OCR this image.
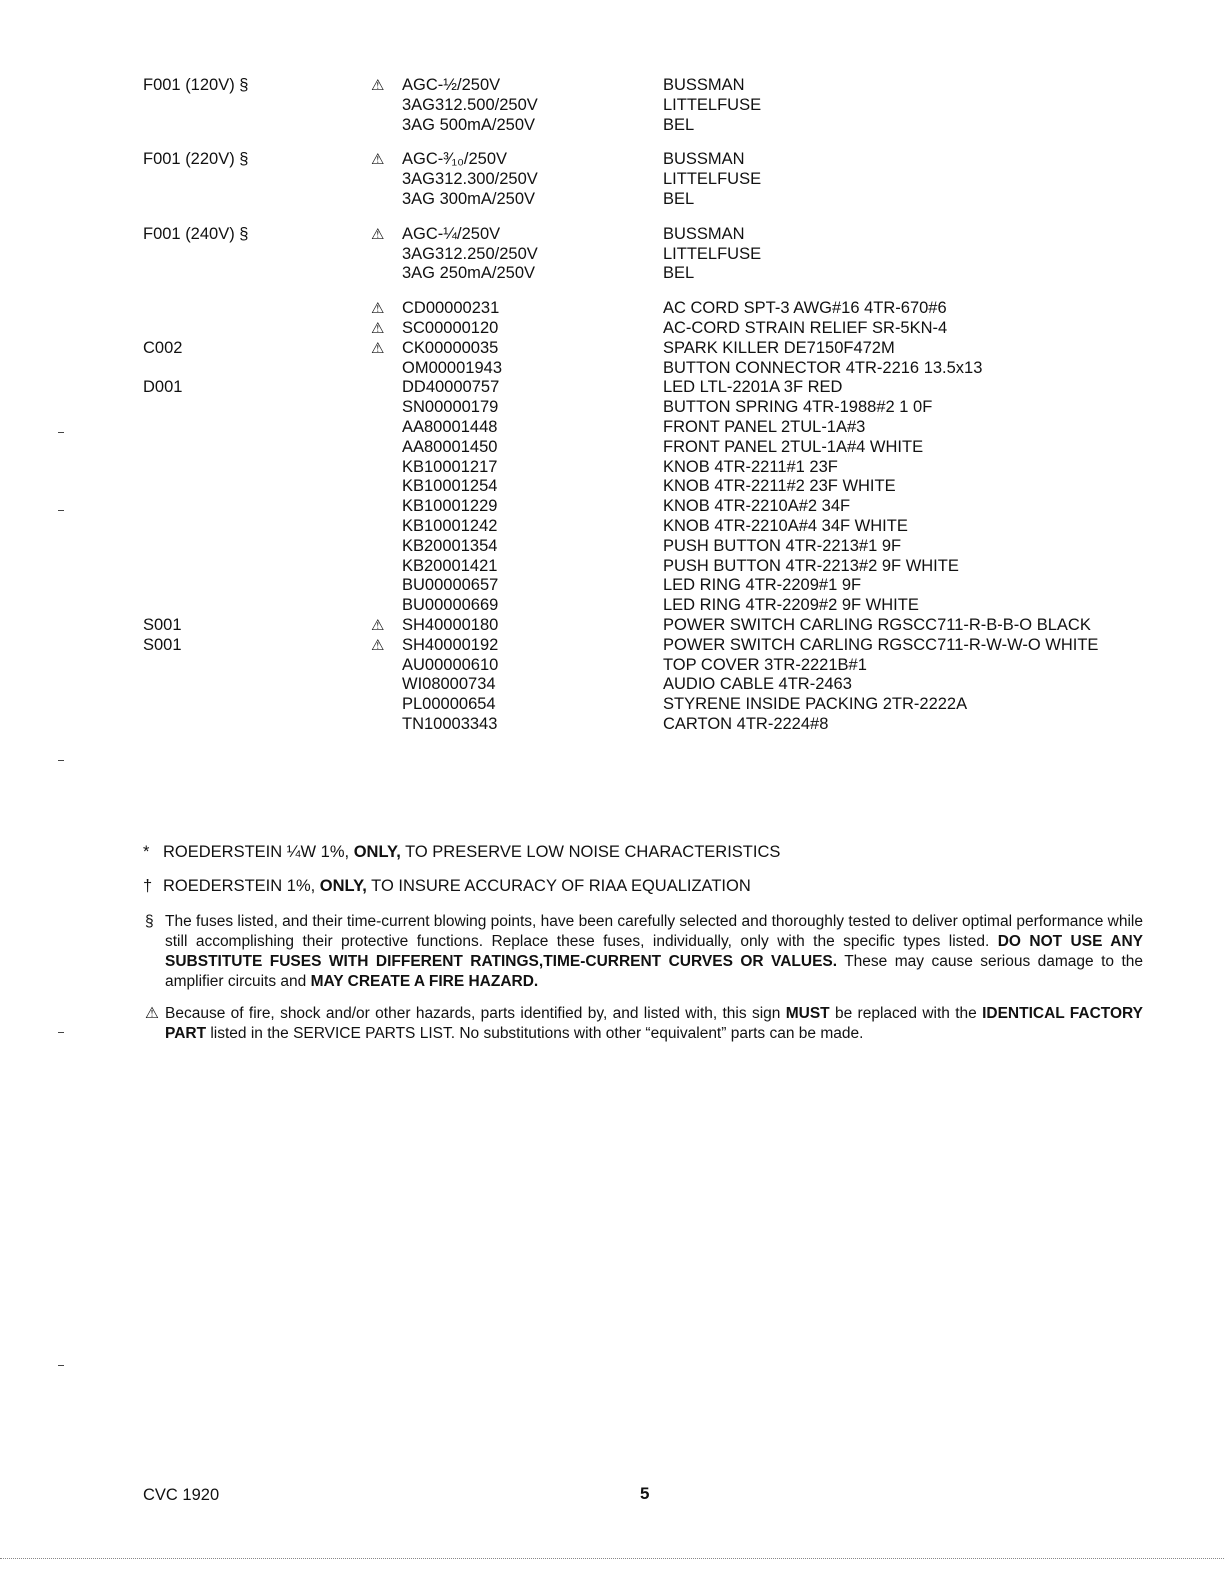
F001 (120V) §	⚠ AGC-½/250V	BUSSMAN
3AG312.500/250V	LITTELFUSE
3AG 500mA/250V	BEL
F001 (220V) §	⚠ AGC-³⁄₁₀/250V	BUSSMAN
3AG312.300/250V	LITTELFUSE
3AG 300mA/250V	BEL
F001 (240V) §	⚠ AGC-¼/250V	BUSSMAN
3AG312.250/250V	LITTELFUSE
3AG 250mA/250V	BEL
⚠ CD00000231	AC CORD SPT-3 AWG#16 4TR-670#6
⚠ SC00000120	AC-CORD STRAIN RELIEF SR-5KN-4
C002	⚠ CK00000035	SPARK KILLER DE7150F472M
OM00001943	BUTTON CONNECTOR 4TR-2216 13.5x13
D001	DD40000757	LED LTL-2201A 3F RED
SN00000179	BUTTON SPRING 4TR-1988#2 1 0F
AA80001448	FRONT PANEL 2TUL-1A#3
AA80001450	FRONT PANEL 2TUL-1A#4 WHITE
KB10001217	KNOB 4TR-2211#1 23F
KB10001254	KNOB 4TR-2211#2 23F WHITE
KB10001229	KNOB 4TR-2210A#2 34F
KB10001242	KNOB 4TR-2210A#4 34F WHITE
KB20001354	PUSH BUTTON 4TR-2213#1 9F
KB20001421	PUSH BUTTON 4TR-2213#2 9F WHITE
BU00000657	LED RING 4TR-2209#1 9F
BU00000669	LED RING 4TR-2209#2 9F WHITE
S001	⚠ SH40000180	POWER SWITCH CARLING RGSCC711-R-B-B-O BLACK
S001	⚠ SH40000192	POWER SWITCH CARLING RGSCC711-R-W-W-O WHITE
AU00000610	TOP COVER 3TR-2221B#1
WI08000734	AUDIO CABLE 4TR-2463
PL00000654	STYRENE INSIDE PACKING 2TR-2222A
TN10003343	CARTON 4TR-2224#8
* ROEDERSTEIN ¼W 1%, ONLY, TO PRESERVE LOW NOISE CHARACTERISTICS
† ROEDERSTEIN 1%, ONLY, TO INSURE ACCURACY OF RIAA EQUALIZATION
§ The fuses listed, and their time-current blowing points, have been carefully selected and thoroughly tested to deliver optimal performance while still accomplishing their protective functions. Replace these fuses, individually, only with the specific types listed. DO NOT USE ANY SUBSTITUTE FUSES WITH DIFFERENT RATINGS,TIME-CURRENT CURVES OR VALUES. These may cause serious damage to the amplifier circuits and MAY CREATE A FIRE HAZARD.
⚠ Because of fire, shock and/or other hazards, parts identified by, and listed with, this sign MUST be replaced with the IDENTICAL FACTORY PART listed in the SERVICE PARTS LIST. No substitutions with other “equivalent” parts can be made.
CVC 1920	5
